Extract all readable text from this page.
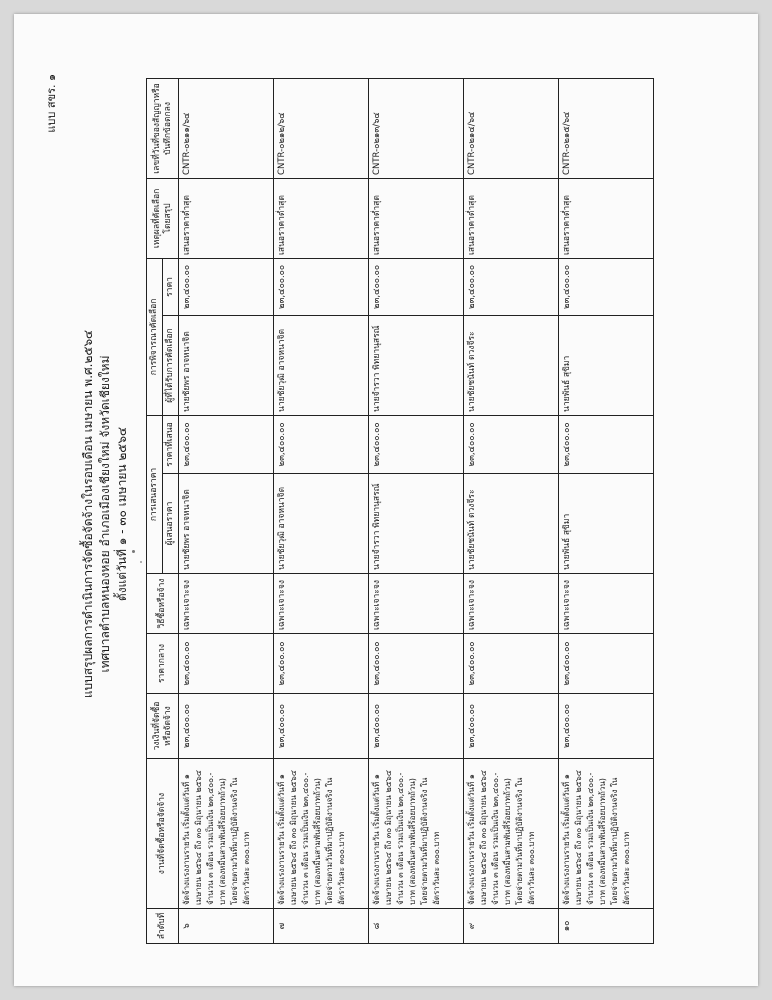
แบบ สขร. ๑
แบบสรุปผลการดำเนินการจัดซื้อจัดจ้างในรอบเดือน เมษายน พ.ศ.๒๕๖๔ เทศบาลตำบลหนองหอย อำเภอเมืองเชียงใหม่ จังหวัดเชียงใหม่ ตั้งแต่วันที่ ๑ - ๓๐ เมษายน ๒๕๖๔
ลำดับที่	งานที่จัดซื้อหรือจัดจ้าง	วงเงินที่จัดซื้อหรือจัดจ้าง	ราคากลาง	วิธีซื้อหรือจ้าง	การเสนอราคา		การพิจารณาคัดเลือก		เหตุผลที่คัดเลือกโดยสรุป	เลขที่วันที่ของสัญญาหรือบันทึกข้อตกลง
					ผู้เสนอราคา	ราคาที่เสนอ	ผู้ที่ได้รับการคัดเลือก	ราคา		
๖	จัดจ้างแรงงานรายวัน เริ่มตั้งแต่วันที่ ๑ เมษายน ๒๕๖๔ ถึง ๓๐ มิถุนายน ๒๕๖๔ จำนวน ๓ เดือน รวมเป็นเงิน ๒๓,๔๐๐.- บาท (สองหมื่นสามพันสี่ร้อยบาทถ้วน) โดยจ่ายตามวันที่มาปฏิบัติงานจริง ใน อัตราวันละ ๓๐๐.บาท	๒๓,๔๐๐.๐๐	๒๓,๔๐๐.๐๐	เฉพาะเจาะจง	นายชัยพร อาจหนาจิต	๒๓,๔๐๐.๐๐	นายชัยพร อาจหนาจิต	๒๓,๔๐๐.๐๐	เสนอราคาต่ำสุด	CNTR-๐๒๑๑/๖๔
๗	จัดจ้างแรงงานรายวัน เริ่มตั้งแต่วันที่ ๑ เมษายน ๒๕๖๔ ถึง ๓๐ มิถุนายน ๒๕๖๔ จำนวน ๓ เดือน รวมเป็นเงิน ๒๓,๔๐๐.- บาท (สองหมื่นสามพันสี่ร้อยบาทถ้วน) โดยจ่ายตามวันที่มาปฏิบัติงานจริง ใน อัตราวันละ ๓๐๐.บาท	๒๓,๔๐๐.๐๐	๒๓,๔๐๐.๐๐	เฉพาะเจาะจง	นายชัยวุฒิ อาจหนาจิต	๒๓,๔๐๐.๐๐	นายชัยวุฒิ อาจหนาจิต	๒๓,๔๐๐.๐๐	เสนอราคาต่ำสุด	CNTR-๐๒๑๒/๖๔
๘	จัดจ้างแรงงานรายวัน เริ่มตั้งแต่วันที่ ๑ เมษายน ๒๕๖๔ ถึง ๓๐ มิถุนายน ๒๕๖๔ จำนวน ๓ เดือน รวมเป็นเงิน ๒๓,๔๐๐.- บาท (สองหมื่นสามพันสี่ร้อยบาทถ้วน) โดยจ่ายตามวันที่มาปฏิบัติงานจริง ใน อัตราวันละ ๓๐๐.บาท	๒๓,๔๐๐.๐๐	๒๓,๔๐๐.๐๐	เฉพาะเจาะจง	นายจำรวา พิทยานุสรณ์	๒๓,๔๐๐.๐๐	นายจำรวา พิทยานุสรณ์	๒๓,๔๐๐.๐๐	เสนอราคาต่ำสุด	CNTR-๐๒๑๓/๖๔
๙	จัดจ้างแรงงานรายวัน เริ่มตั้งแต่วันที่ ๑ เมษายน ๒๕๖๔ ถึง ๓๐ มิถุนายน ๒๕๖๔ จำนวน ๓ เดือน รวมเป็นเงิน ๒๓,๔๐๐.- บาท (สองหมื่นสามพันสี่ร้อยบาทถ้วน) โดยจ่ายตามวันที่มาปฏิบัติงานจริง ใน อัตราวันละ ๓๐๐.บาท	๒๓,๔๐๐.๐๐	๒๓,๔๐๐.๐๐	เฉพาะเจาะจง	นายชัยชนันท์ ดวงจีระ	๒๓,๔๐๐.๐๐	นายชัยชนันท์ ดวงจีระ	๒๓,๔๐๐.๐๐	เสนอราคาต่ำสุด	CNTR-๐๒๑๔/๖๔
๑๐	จัดจ้างแรงงานรายวัน เริ่มตั้งแต่วันที่ ๑ เมษายน ๒๕๖๔ ถึง ๓๐ มิถุนายน ๒๕๖๔ จำนวน ๓ เดือน รวมเป็นเงิน ๒๓,๔๐๐.- บาท (สองหมื่นสามพันสี่ร้อยบาทถ้วน) โดยจ่ายตามวันที่มาปฏิบัติงานจริง ใน อัตราวันละ ๓๐๐.บาท	๒๓,๔๐๐.๐๐	๒๓,๔๐๐.๐๐	เฉพาะเจาะจง	นายพันธ์ สุขิมา	๒๓,๔๐๐.๐๐	นายพันธ์ สุขิมา	๒๓,๔๐๐.๐๐	เสนอราคาต่ำสุด	CNTR-๐๒๑๕/๖๔
